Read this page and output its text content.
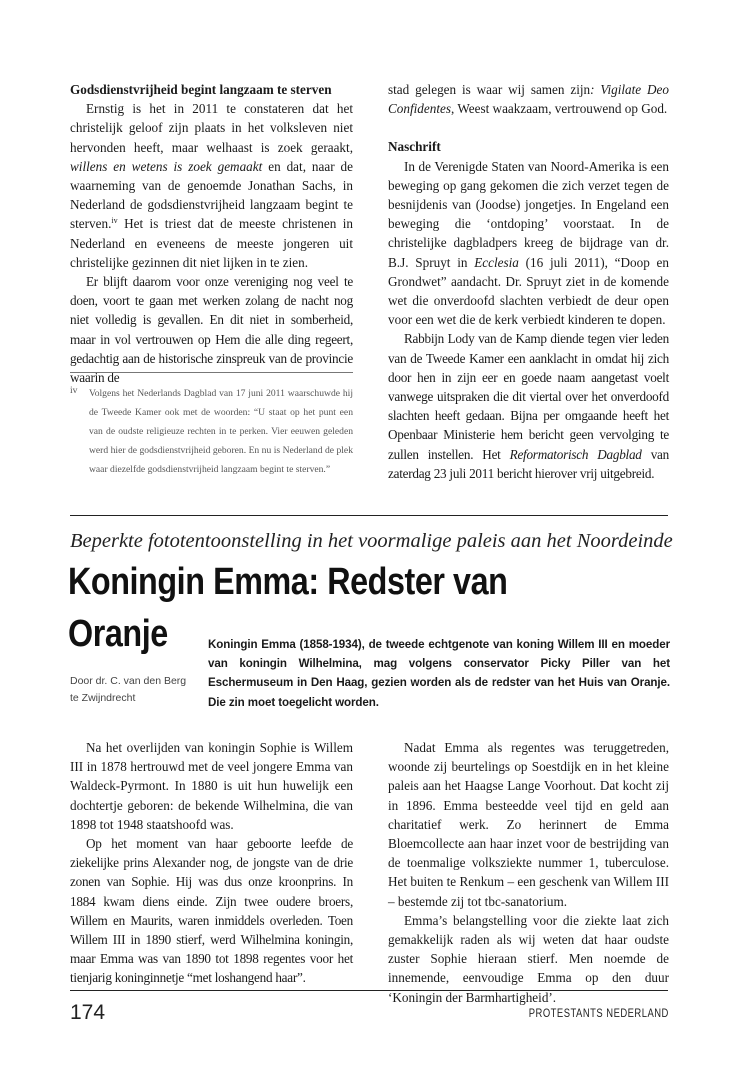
Godsdienstvrijheid begint langzaam te sterven

Ernstig is het in 2011 te constateren dat het christelijk geloof zijn plaats in het volksleven niet hervonden heeft, maar welhaast is zoek geraakt, willens en wetens is zoek gemaakt en dat, naar de waarneming van de genoemde Jonathan Sachs, in Nederland de godsdienstvrijheid langzaam begint te sterven.$^{iv}$ Het is triest dat de meeste christenen in Nederland en eveneens de meeste jongeren uit christelijke gezinnen dit niet lijken in te zien.

Er blijft daarom voor onze vereniging nog veel te doen, voort te gaan met werken zolang de nacht nog niet volledig is gevallen. En dit niet in somberheid, maar in vol vertrouwen op Hem die alle ding regeert, gedachtig aan de historische zinspreuk van de provincie waarin de

iv Volgens het Nederlands Dagblad van 17 juni 2011 waarschuwde hij de Tweede Kamer ook met de woorden: “U staat op het punt een van de oudste religieuze rechten in te perken. Vier eeuwen geleden werd hier de godsdienstvrijheid geboren. En nu is Nederland de plek waar diezelfde godsdienstvrijheid langzaam begint te sterven.”

stad gelegen is waar wij samen zijn: Vigilate Deo Confidentes, Weest waakzaam, vertrouwend op God.

Naschrift

In de Verenigde Staten van Noord-Amerika is een beweging op gang gekomen die zich verzet tegen de besnijdenis van (Joodse) jongetjes. In Engeland een beweging die ‘ontdoping’ voorstaat. In de christelijke dagbladpers kreeg de bijdrage van dr. B.J. Spruyt in Ecclesia (16 juli 2011), “Doop en Grondwet” aandacht. Dr. Spruyt ziet in de komende wet die onverdoofd slachten verbiedt de deur open voor een wet die de kerk verbiedt kinderen te dopen.

Rabbijn Lody van de Kamp diende tegen vier leden van de Tweede Kamer een aanklacht in omdat hij zich door hen in zijn eer en goede naam aangetast voelt vanwege uitspraken die dit viertal over het onverdoofd slachten heeft gedaan. Bijna per omgaande heeft het Openbaar Ministerie hem bericht geen vervolging te zullen instellen. Het Reformatorisch Dagblad van zaterdag 23 juli 2011 bericht hierover vrij uitgebreid.

Beperkte fototentoonstelling in het voormalige paleis aan het Noordeinde
Koningin Emma: Redster van Oranje
Door dr. C. van den Berg
te Zwijndrecht
Koningin Emma (1858-1934), de tweede echtgenote van koning Willem III en moeder van koningin Wilhelmina, mag volgens conservator Picky Piller van het Eschermuseum in Den Haag, gezien worden als de redster van het Huis van Oranje. Die zin moet toegelicht worden.

Na het overlijden van koningin Sophie is Willem III in 1878 hertrouwd met de veel jongere Emma van Waldeck-Pyrmont. In 1880 is uit hun huwelijk een dochtertje geboren: de bekende Wilhelmina, die van 1898 tot 1948 staatshoofd was.

Op het moment van haar geboorte leefde de ziekelijke prins Alexander nog, de jongste van de drie zonen van Sophie. Hij was dus onze kroonprins. In 1884 kwam diens einde. Zijn twee oudere broers, Willem en Maurits, waren inmiddels overleden. Toen Willem III in 1890 stierf, werd Wilhelmina koningin, maar Emma was van 1890 tot 1898 regentes voor het tienjarig koninginnetje “met loshangend haar”.

Nadat Emma als regentes was teruggetreden, woonde zij beurtelings op Soestdijk en in het kleine paleis aan het Haagse Lange Voorhout. Dat kocht zij in 1896. Emma besteedde veel tijd en geld aan charitatief werk. Zo herinnert de Emma Bloemcollecte aan haar inzet voor de bestrijding van de toenmalige volksziekte nummer 1, tuberculose. Het buiten te Renkum – een geschenk van Willem III – bestemde zij tot tbc-sanatorium.

Emma’s belangstelling voor die ziekte laat zich gemakkelijk raden als wij weten dat haar oudste zuster Sophie hieraan stierf. Men noemde de innemende, eenvoudige Emma op den duur ‘Koningin der Barmhartigheid’.

174	PROTESTANTS NEDERLAND
